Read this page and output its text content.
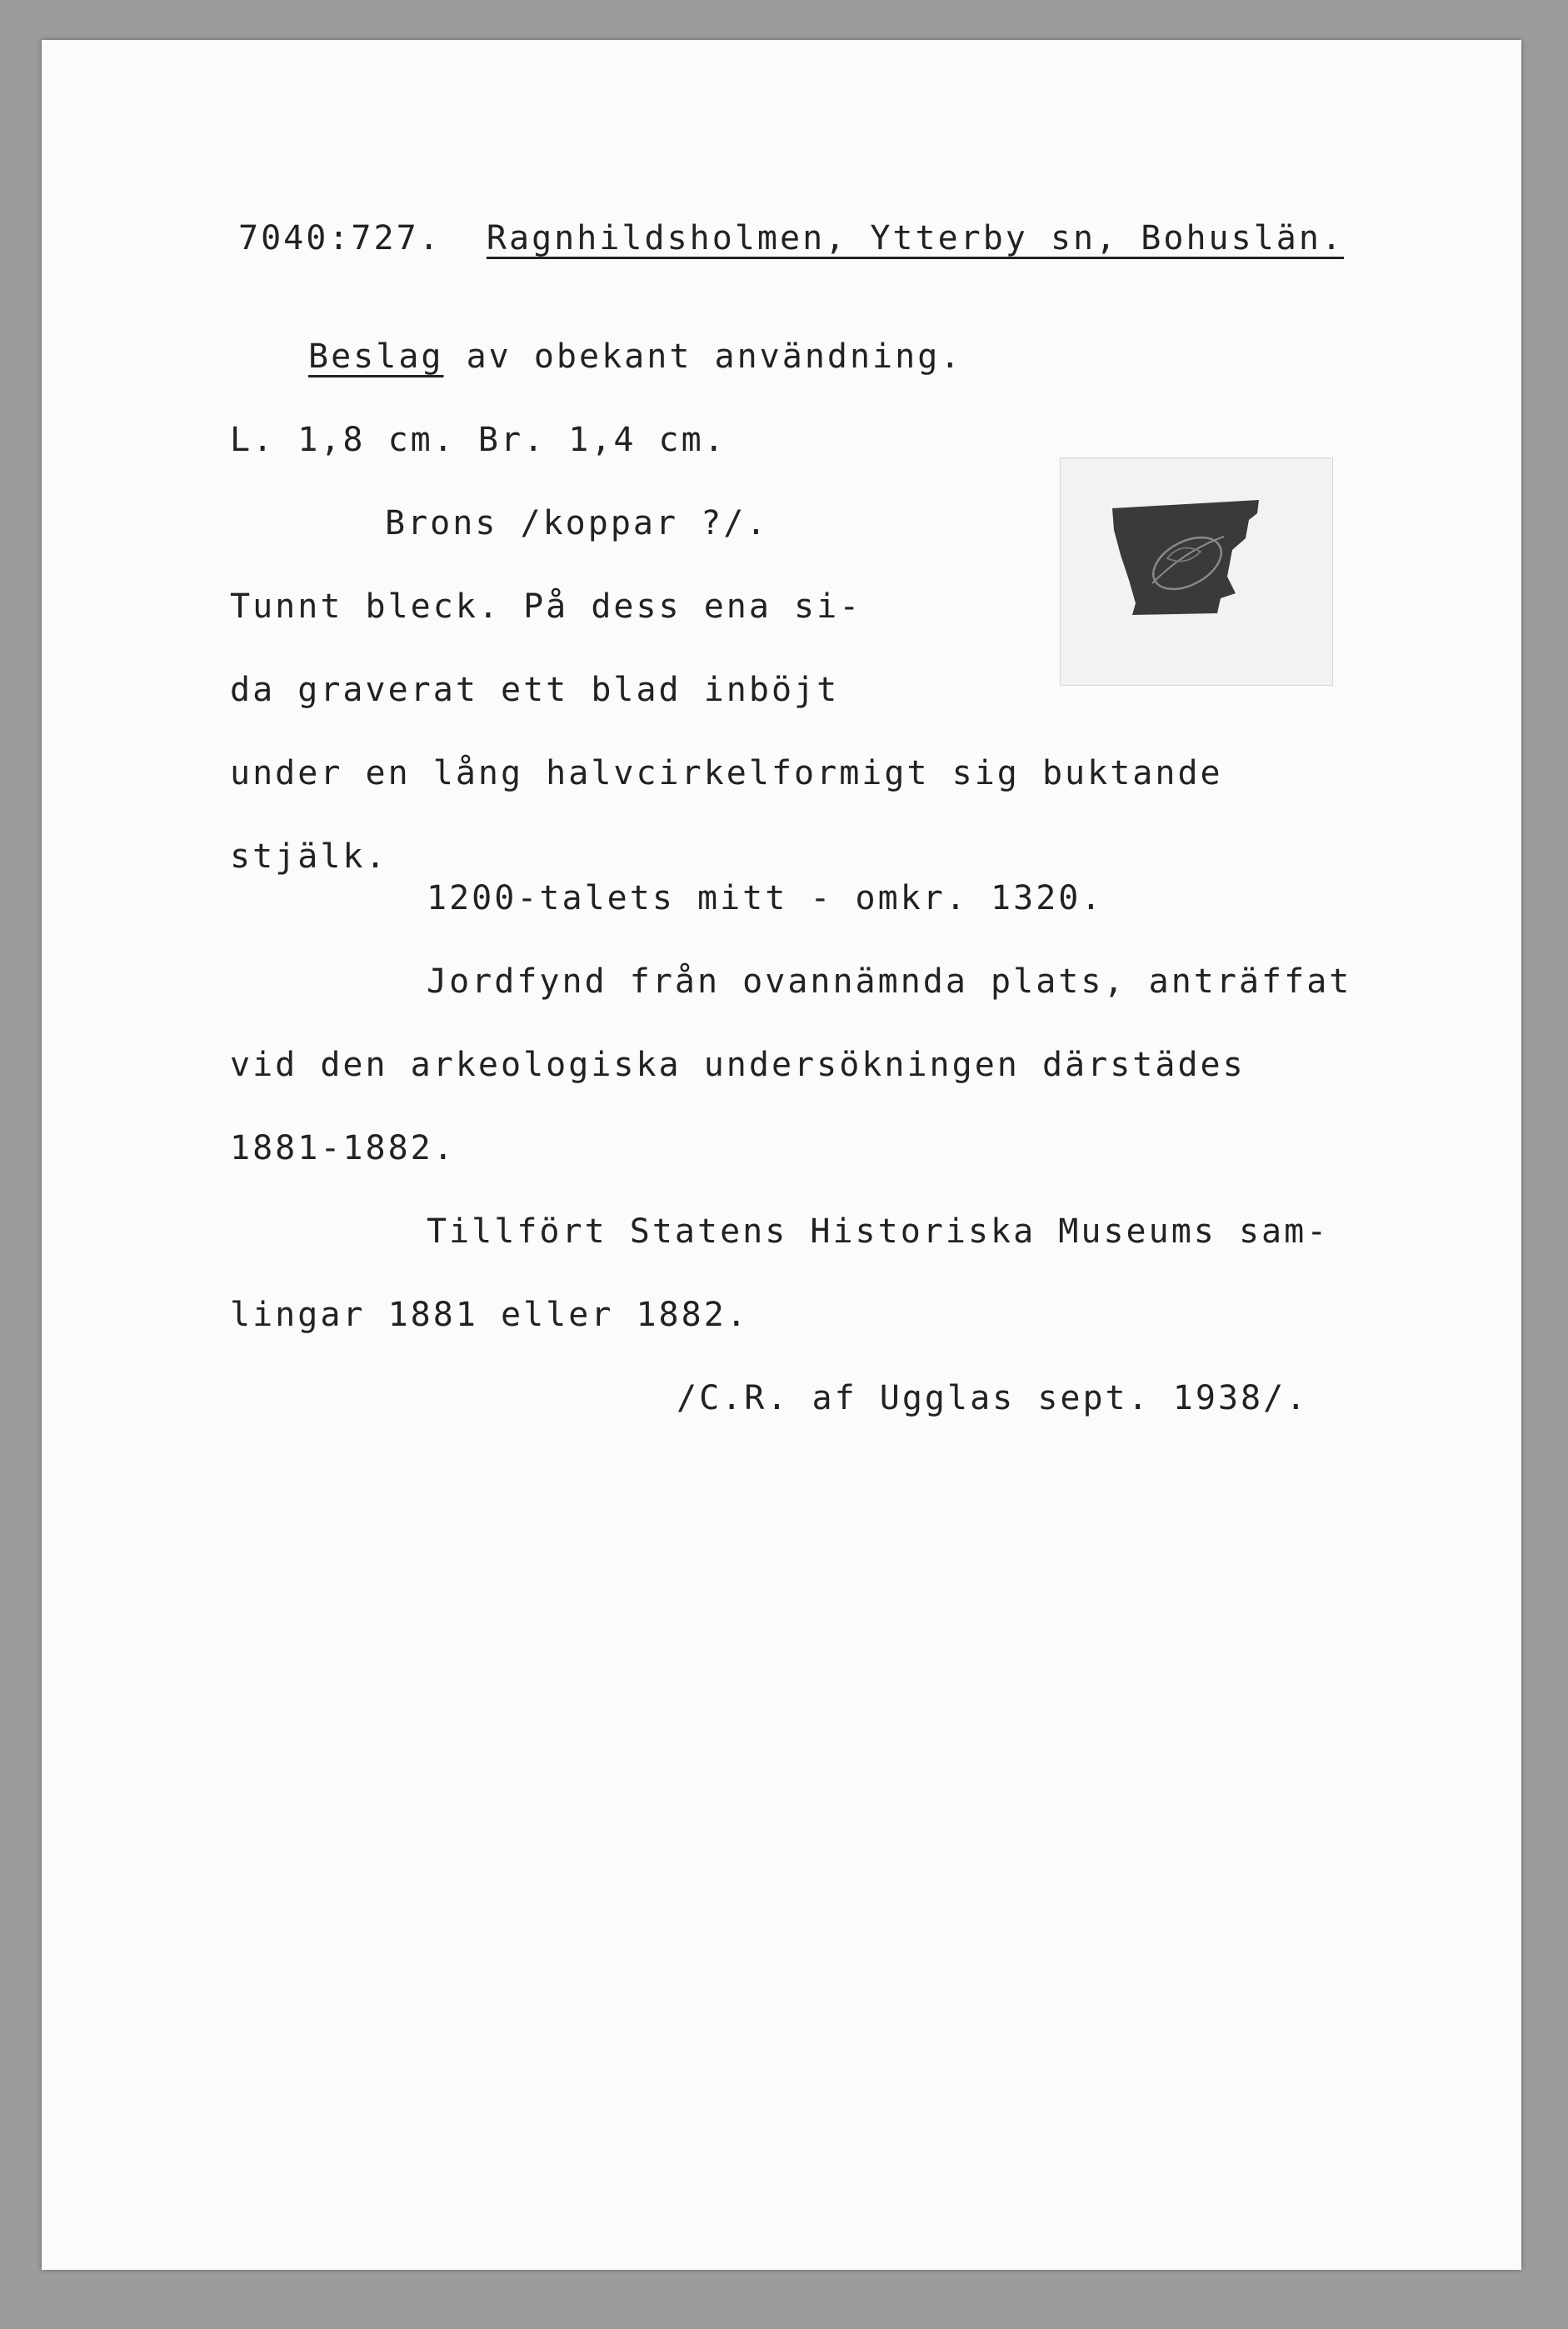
7040:727. Ragnhildsholmen, Ytterby sn, Bohuslän.
Beslag av obekant användning.
L. 1,8 cm. Br. 1,4 cm.
Brons /koppar ?/.
Tunnt bleck. På dess ena si-
da graverat ett blad inböjt
under en lång halvcirkelformigt sig buktande
stjälk.
1200-talets mitt - omkr. 1320.
Jordfynd från ovannämnda plats, anträffat
vid den arkeologiska undersökningen därstädes
1881-1882.
Tillfört Statens Historiska Museums sam-
lingar 1881 eller 1882.
/C.R. af Ugglas sept. 1938/.
